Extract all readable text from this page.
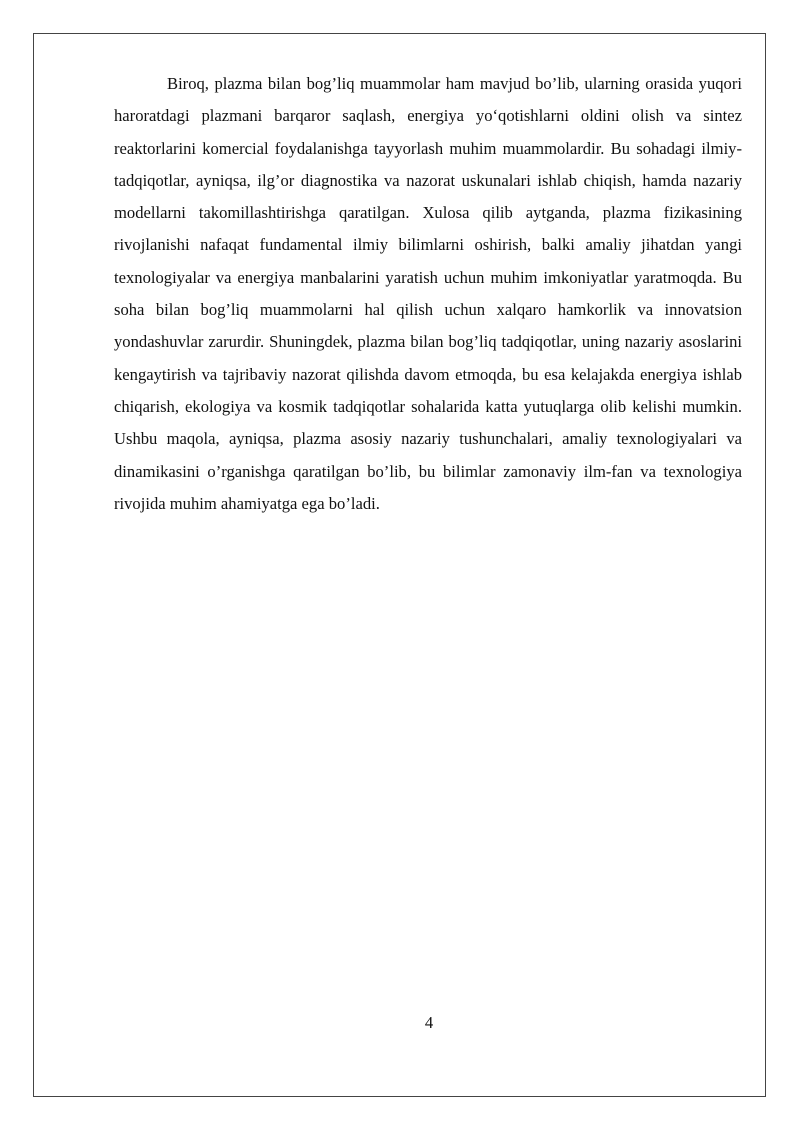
Biroq, plazma bilan bog’liq muammolar ham mavjud bo’lib, ularning orasida yuqori haroratdagi plazmani barqaror saqlash, energiya yo‘qotishlarni oldini olish va sintez reaktorlarini komercial foydalanishga tayyorlash muhim muammolardir. Bu sohadagi ilmiy-tadqiqotlar, ayniqsa, ilg’or diagnostika va nazorat uskunalari ishlab chiqish, hamda nazariy modellarni takomillashtirishga qaratilgan. Xulosa qilib aytganda, plazma fizikasining rivojlanishi nafaqat fundamental ilmiy bilimlarni oshirish, balki amaliy jihatdan yangi texnologiyalar va energiya manbalarini yaratish uchun muhim imkoniyatlar yaratmoqda. Bu soha bilan bog’liq muammolarni hal qilish uchun xalqaro hamkorlik va innovatsion yondashuvlar zarurdir. Shuningdek, plazma bilan bog’liq tadqiqotlar, uning nazariy asoslarini kengaytirish va tajribaviy nazorat qilishda davom etmoqda, bu esa kelajakda energiya ishlab chiqarish, ekologiya va kosmik tadqiqotlar sohalarida katta yutuqlarga olib kelishi mumkin. Ushbu maqola, ayniqsa, plazma asosiy nazariy tushunchalari, amaliy texnologiyalari va dinamikasini o’rganishga qaratilgan bo’lib, bu bilimlar zamonaviy ilm-fan va texnologiya rivojida muhim ahamiyatga ega bo’ladi.

4
